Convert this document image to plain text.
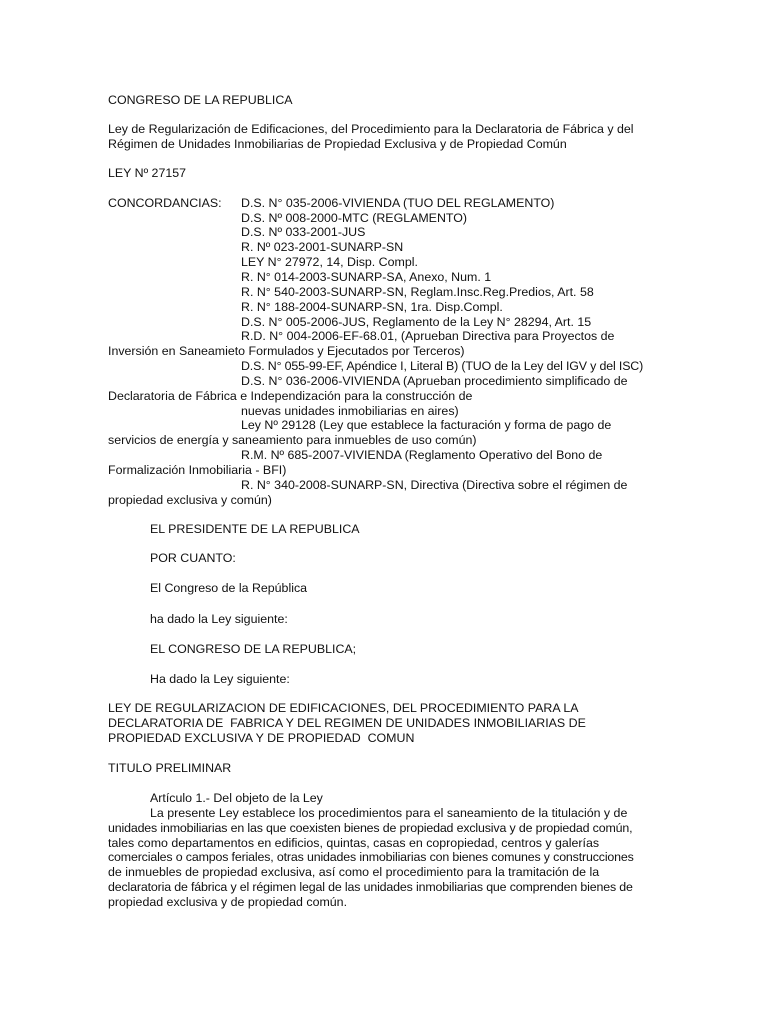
CONGRESO DE LA REPUBLICA

Ley de Regularización de Edificaciones, del Procedimiento para la Declaratoria de Fábrica y del

Régimen de Unidades Inmobiliarias de Propiedad Exclusiva y de Propiedad Común

LEY Nº 27157

CONCORDANCIAS: D.S. N° 035-2006-VIVIENDA (TUO DEL REGLAMENTO)

D.S. Nº 008-2000-MTC (REGLAMENTO)

D.S. Nº 033-2001-JUS

R. Nº 023-2001-SUNARP-SN

LEY N° 27972, 14, Disp. Compl.

R. N° 014-2003-SUNARP-SA, Anexo, Num. 1

R. N° 540-2003-SUNARP-SN, Reglam.Insc.Reg.Predios, Art. 58

R. N° 188-2004-SUNARP-SN, 1ra. Disp.Compl.

D.S. N° 005-2006-JUS, Reglamento de la Ley N° 28294, Art. 15

R.D. N° 004-2006-EF-68.01, (Aprueban Directiva para Proyectos de

Inversión en Saneamieto Formulados y Ejecutados por Terceros)

D.S. N° 055-99-EF, Apéndice I, Literal B) (TUO de la Ley del IGV y del ISC)

D.S. N° 036-2006-VIVIENDA (Aprueban procedimiento simplificado de

Declaratoria de Fábrica e Independización para la construcción de

nuevas unidades inmobiliarias en aires)

Ley Nº 29128 (Ley que establece la facturación y forma de pago de

servicios de energía y saneamiento para inmuebles de uso común)

R.M. Nº 685-2007-VIVIENDA (Reglamento Operativo del Bono de

Formalización Inmobiliaria - BFI)

R. N° 340-2008-SUNARP-SN, Directiva (Directiva sobre el régimen de

propiedad exclusiva y común)

EL PRESIDENTE DE LA REPUBLICA

POR CUANTO:

El Congreso de la República

ha dado la Ley siguiente:

EL CONGRESO DE LA REPUBLICA;

Ha dado la Ley siguiente:

LEY DE REGULARIZACION DE EDIFICACIONES, DEL PROCEDIMIENTO PARA LA

DECLARATORIA DE  FABRICA Y DEL REGIMEN DE UNIDADES INMOBILIARIAS DE

PROPIEDAD EXCLUSIVA Y DE PROPIEDAD  COMUN

TITULO PRELIMINAR

Artículo 1.- Del objeto de la Ley

La presente Ley establece los procedimientos para el saneamiento de la titulación y de

unidades inmobiliarias en las que coexisten bienes de propiedad exclusiva y de propiedad común,

tales como departamentos en edificios, quintas, casas en copropiedad, centros y galerías

comerciales o campos feriales, otras unidades inmobiliarias con bienes comunes y construcciones

de inmuebles de propiedad exclusiva, así como el procedimiento para la tramitación de la

declaratoria de fábrica y el régimen legal de las unidades inmobiliarias que comprenden bienes de

propiedad exclusiva y de propiedad común.
